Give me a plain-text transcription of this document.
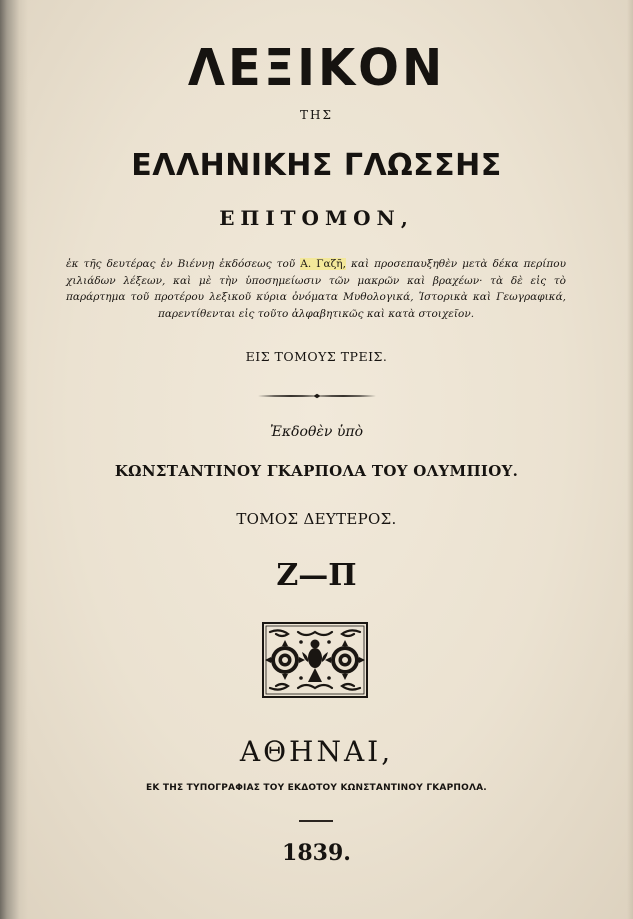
ΛΕΞΙΚΟΝ
ΤΗΣ
ΕΛΛΗΝΙΚΗΣ ΓΛΩΣΣΗΣ
ΕΠΙΤΟΜΟΝ,
ἐκ τῆς δευτέρας ἐν Βιέννῃ ἐκδόσεως τοῦ Α. Γαζῆ, καὶ προσεπαυξηθὲν μετὰ δέκα περίπου χιλιάδων λέξεων, καὶ μὲ τὴν ὑποσημείωσιν τῶν μακρῶν καὶ βραχέων· τὰ δὲ εἰς τὸ παράρτημα τοῦ προτέρου λεξικοῦ κύρια ὀνόματα Μυθολογικά, Ἱστορικὰ καὶ Γεωγραφικά, παρεντίθενται εἰς τοῦτο ἀλφαβητικῶς καὶ κατὰ στοιχεῖον.
ΕΙΣ ΤΟΜΟΥΣ ΤΡΕΙΣ.
Ἐκδοθὲν ὑπὸ
ΚΩΝΣΤΑΝΤΙΝΟΥ ΓΚΑΡΠΟΛΑ ΤΟΥ ΟΛΥΜΠΙΟΥ.
ΤΟΜΟΣ ΔΕΥΤΕΡΟΣ.
Ζ—Π
ΑΘΗΝΑΙ,
ΕΚ ΤΗΣ ΤΥΠΟΓΡΑΦΙΑΣ ΤΟΥ ΕΚΔΟΤΟΥ ΚΩΝΣΤΑΝΤΙΝΟΥ ΓΚΑΡΠΟΛΑ.
1839.
